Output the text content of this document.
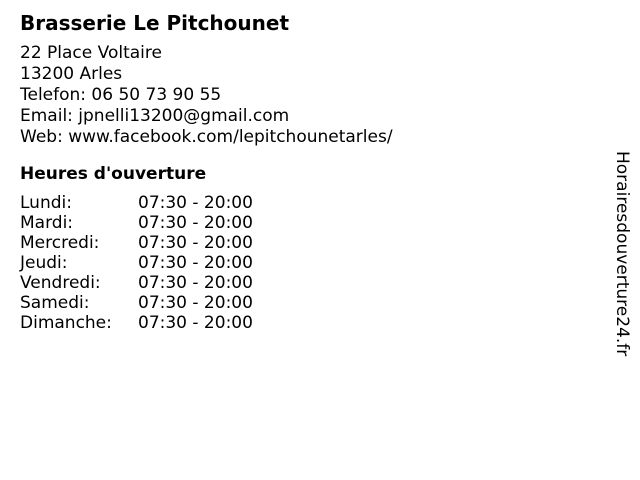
Brasserie Le Pitchounet
22 Place Voltaire
13200 Arles
Telefon: 06 50 73 90 55
Email: jpnelli13200@gmail.com
Web: www.facebook.com/lepitchounetarles/
Heures d'ouverture
Lundi:	07:30 - 20:00
Mardi:	07:30 - 20:00
Mercredi:	07:30 - 20:00
Jeudi:	07:30 - 20:00
Vendredi:	07:30 - 20:00
Samedi:	07:30 - 20:00
Dimanche:	07:30 - 20:00	Horairesdouverture24.fr
